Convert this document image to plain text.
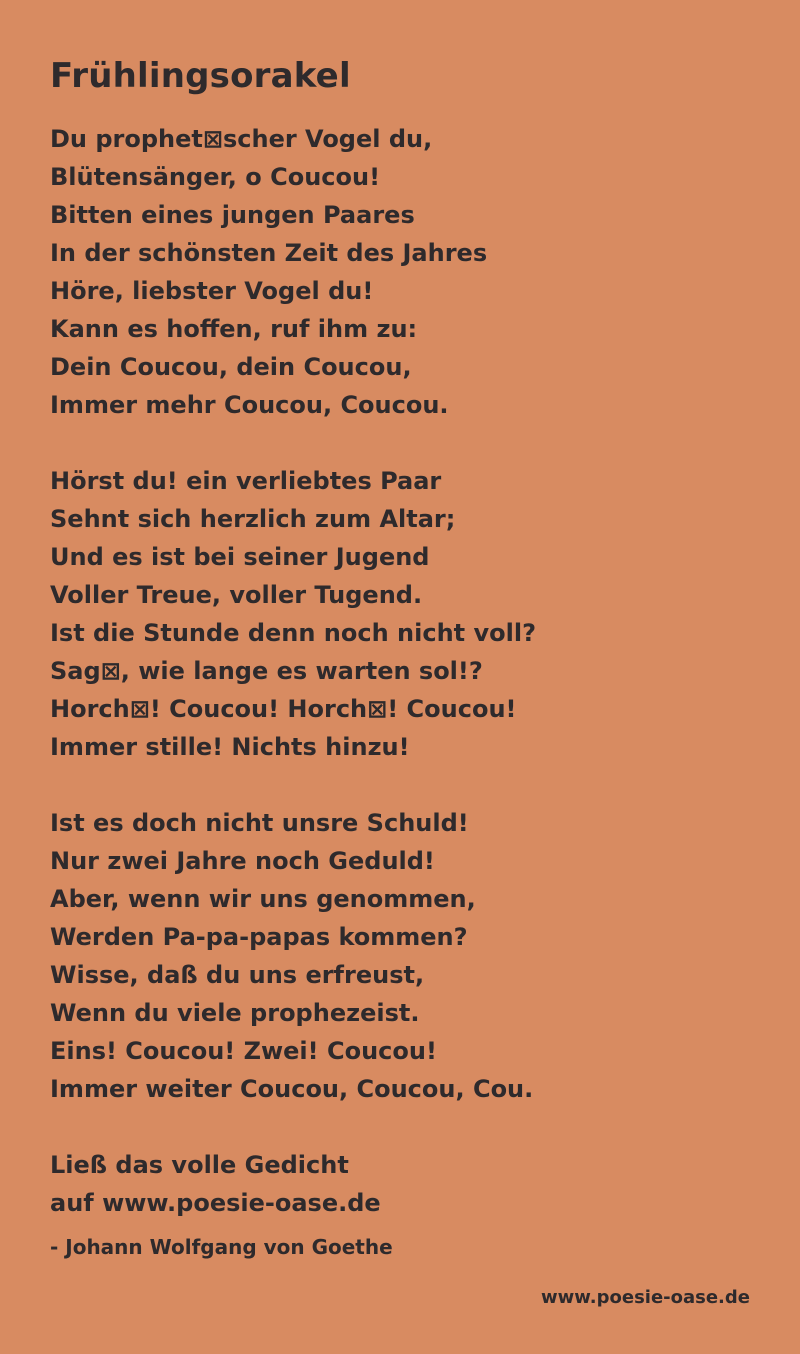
Frühlingsorakel
Du prophet⊠scher Vogel du,
Blütensänger, o Coucou!
Bitten eines jungen Paares
In der schönsten Zeit des Jahres
Höre, liebster Vogel du!
Kann es hoffen, ruf ihm zu:
Dein Coucou, dein Coucou,
Immer mehr Coucou, Coucou.
Hörst du! ein verliebtes Paar
Sehnt sich herzlich zum Altar;
Und es ist bei seiner Jugend
Voller Treue, voller Tugend.
Ist die Stunde denn noch nicht voll?
Sag⊠, wie lange es warten sol!?
Horch⊠! Coucou! Horch⊠! Coucou!
Immer stille! Nichts hinzu!
Ist es doch nicht unsre Schuld!
Nur zwei Jahre noch Geduld!
Aber, wenn wir uns genommen,
Werden Pa-pa-papas kommen?
Wisse, daß du uns erfreust,
Wenn du viele prophezeist.
Eins! Coucou! Zwei! Coucou!
Immer weiter Coucou, Coucou, Cou.
Ließ das volle Gedicht
auf www.poesie-oase.de
- Johann Wolfgang von Goethe
www.poesie-oase.de
